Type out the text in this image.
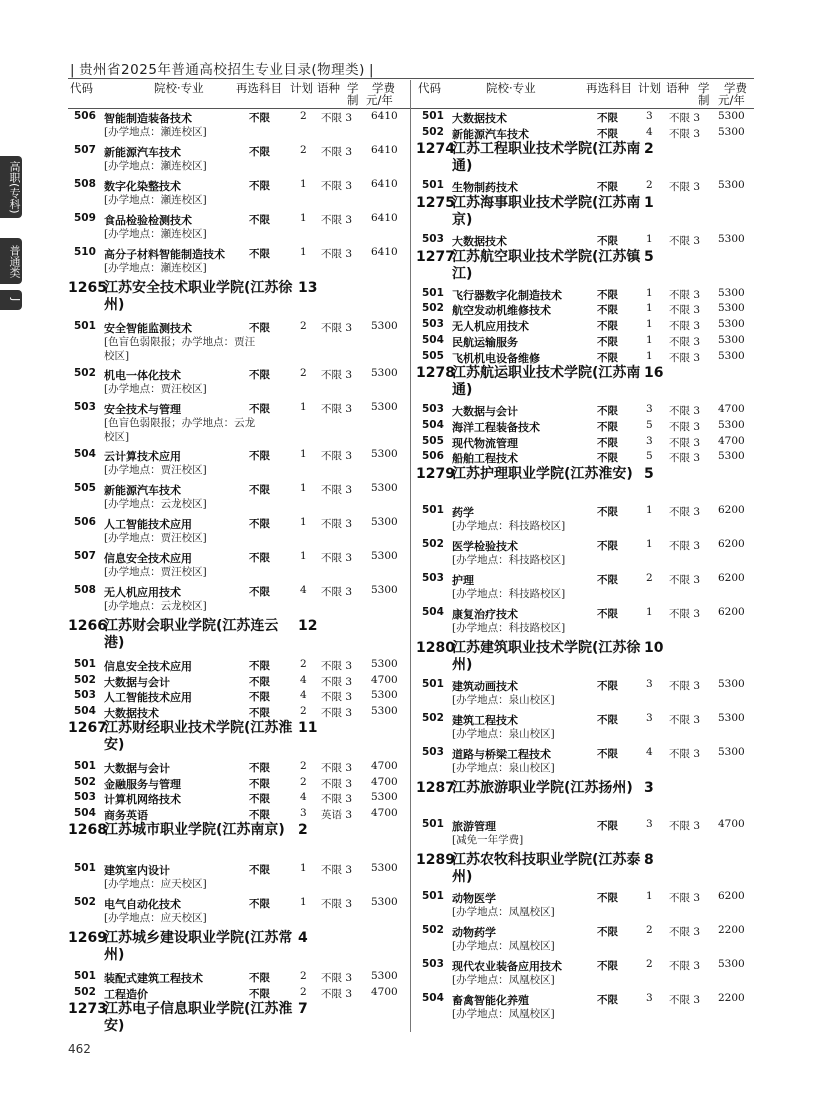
| 贵州省2025年普通高校招生专业目录(物理类) |
高职(专科)
普通类
J
代码	院校·专业	再选科目 计划 语种 学
制
学费
元/年
代码	院校·专业	再选科目 计划 语种 学
制
学费
元/年
506 智能制造装备技术
[办学地点：瀬连校区]
不限	2 不限 3 6410
507 新能源汽车技术
[办学地点：瀬连校区]
不限	2 不限 3 6410
508 数字化染整技术
[办学地点：瀬连校区]
不限	1 不限 3 6410
509 食品检验检测技术
[办学地点：瀬连校区]
不限	1 不限 3 6410
510 高分子材料智能制造技术
[办学地点：瀬连校区]
不限	1 不限 3 6410
1265
江苏安全技术职业学院(江苏徐州)
13
501 安全智能监测技术
[色盲色弱限报；办学地点：贾汪校区]
不限	2 不限 3 5300
502 机电一体化技术
[办学地点：贾汪校区]
不限	2 不限 3 5300
503 安全技术与管理
[色盲色弱限报；办学地点：云龙校区]
不限	1 不限 3 5300
504 云计算技术应用
[办学地点：贾汪校区]
不限	1 不限 3 5300
505 新能源汽车技术
[办学地点：云龙校区]
不限	1 不限 3 5300
506 人工智能技术应用
[办学地点：贾汪校区]
不限	1 不限 3 5300
507 信息安全技术应用
[办学地点：贾汪校区]
不限	1 不限 3 5300
508 无人机应用技术
[办学地点：云龙校区]
不限	4 不限 3 5300
1266
江苏财会职业学院(江苏连云港)
12
501 信息安全技术应用	不限	2 不限 3 5300
502 大数据与会计	不限	4 不限 3 4700
503 人工智能技术应用	不限	4 不限 3 5300
504 大数据技术	不限	2 不限 3 5300
1267
江苏财经职业技术学院(江苏淮安)
11
501 大数据与会计	不限	2 不限 3 4700
502 金融服务与管理	不限	2 不限 3 4700
503 计算机网络技术	不限	4 不限 3 5300
504 商务英语	不限	3 英语 3 4700
1268
江苏城市职业学院(江苏南京) 2
501 建筑室内设计
[办学地点：应天校区]
不限	1 不限 3 5300
502 电气自动化技术
[办学地点：应天校区]
不限	1 不限 3 5300
1269
江苏城乡建设职业学院(江苏常州)
4
501 装配式建筑工程技术	不限	2 不限 3 5300
502 工程造价	不限	2 不限 3 4700
1273
江苏电子信息职业学院(江苏淮安)
7
501 大数据技术	不限	3 不限 3 5300
502 新能源汽车技术	不限	4 不限 3 5300
1274
江苏工程职业技术学院(江苏南通)
2
501 生物制药技术	不限	2 不限 3 5300
1275
江苏海事职业技术学院(江苏南京)
1
503 大数据技术	不限	1 不限 3 5300
1277
江苏航空职业技术学院(江苏镇江)
5
501 飞行器数字化制造技术	不限	1 不限 3 5300
502 航空发动机维修技术	不限	1 不限 3 5300
503 无人机应用技术	不限	1 不限 3 5300
504 民航运输服务	不限	1 不限 3 5300
505 飞机机电设备维修	不限	1 不限 3 5300
1278
江苏航运职业技术学院(江苏南通)
16
503 大数据与会计	不限	3 不限 3 4700
504 海洋工程装备技术	不限	5 不限 3 5300
505 现代物流管理	不限	3 不限 3 4700
506 船舶工程技术	不限	5 不限 3 5300
1279
江苏护理职业学院(江苏淮安) 5
501 药学
[办学地点：科技路校区]
不限	1 不限 3 6200
502 医学检验技术
[办学地点：科技路校区]
不限	1 不限 3 6200
503 护理
[办学地点：科技路校区]
不限	2 不限 3 6200
504 康复治疗技术
[办学地点：科技路校区]
不限	1 不限 3 6200
1280
江苏建筑职业技术学院(江苏徐州)
10
501 建筑动画技术
[办学地点：泉山校区]
不限	3 不限 3 5300
502 建筑工程技术
[办学地点：泉山校区]
不限	3 不限 3 5300
503 道路与桥梁工程技术
[办学地点：泉山校区]
不限	4 不限 3 5300
1287
江苏旅游职业学院(江苏扬州) 3
501 旅游管理
[减免一年学费]
不限	3 不限 3 4700
1289
江苏农牧科技职业学院(江苏泰州)
8
501 动物医学
[办学地点：凤凰校区]
不限	1 不限 3 6200
502 动物药学
[办学地点：凤凰校区]
不限	2 不限 3 2200
503 现代农业装备应用技术
[办学地点：凤凰校区]
不限	2 不限 3 5300
504 畜禽智能化养殖
[办学地点：凤凰校区]
不限	3 不限 3 2200
462
